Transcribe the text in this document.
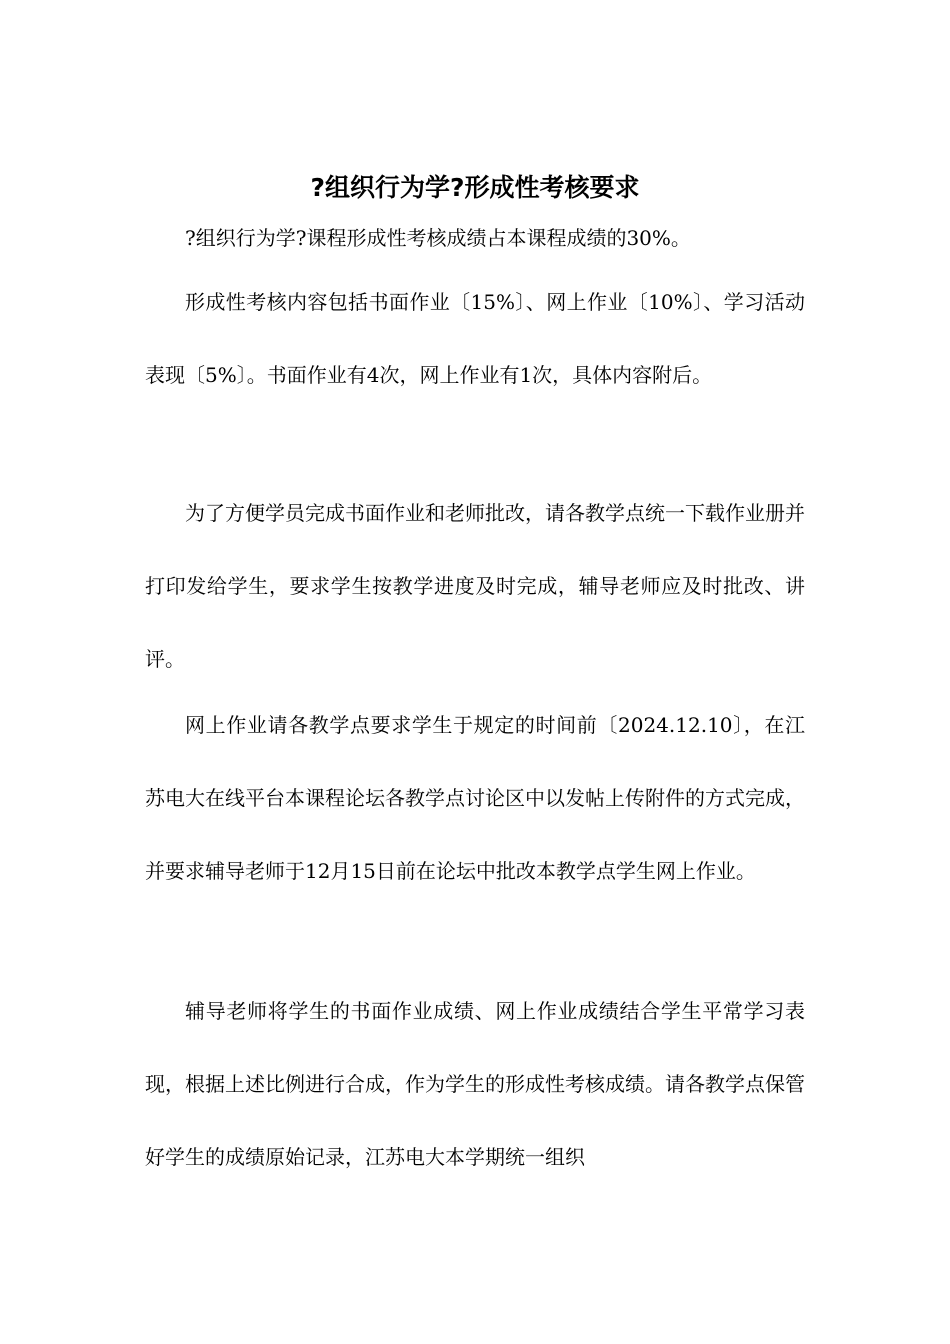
?组织行为学?形成性考核要求

?组织行为学?课程形成性考核成绩占本课程成绩的30%。

形成性考核内容包括书面作业〔15%〕、网上作业〔10%〕、学习活动表现〔5%〕。书面作业有4次，网上作业有1次，具体内容附后。

为了方便学员完成书面作业和老师批改，请各教学点统一下载作业册并打印发给学生，要求学生按教学进度及时完成，辅导老师应及时批改、讲评。

网上作业请各教学点要求学生于规定的时间前〔2024.12.10〕，在江苏电大在线平台本课程论坛各教学点讨论区中以发帖上传附件的方式完成，并要求辅导老师于12月15日前在论坛中批改本教学点学生网上作业。

辅导老师将学生的书面作业成绩、网上作业成绩结合学生平常学习表现，根据上述比例进行合成，作为学生的形成性考核成绩。请各教学点保管好学生的成绩原始记录，江苏电大本学期统一组织
